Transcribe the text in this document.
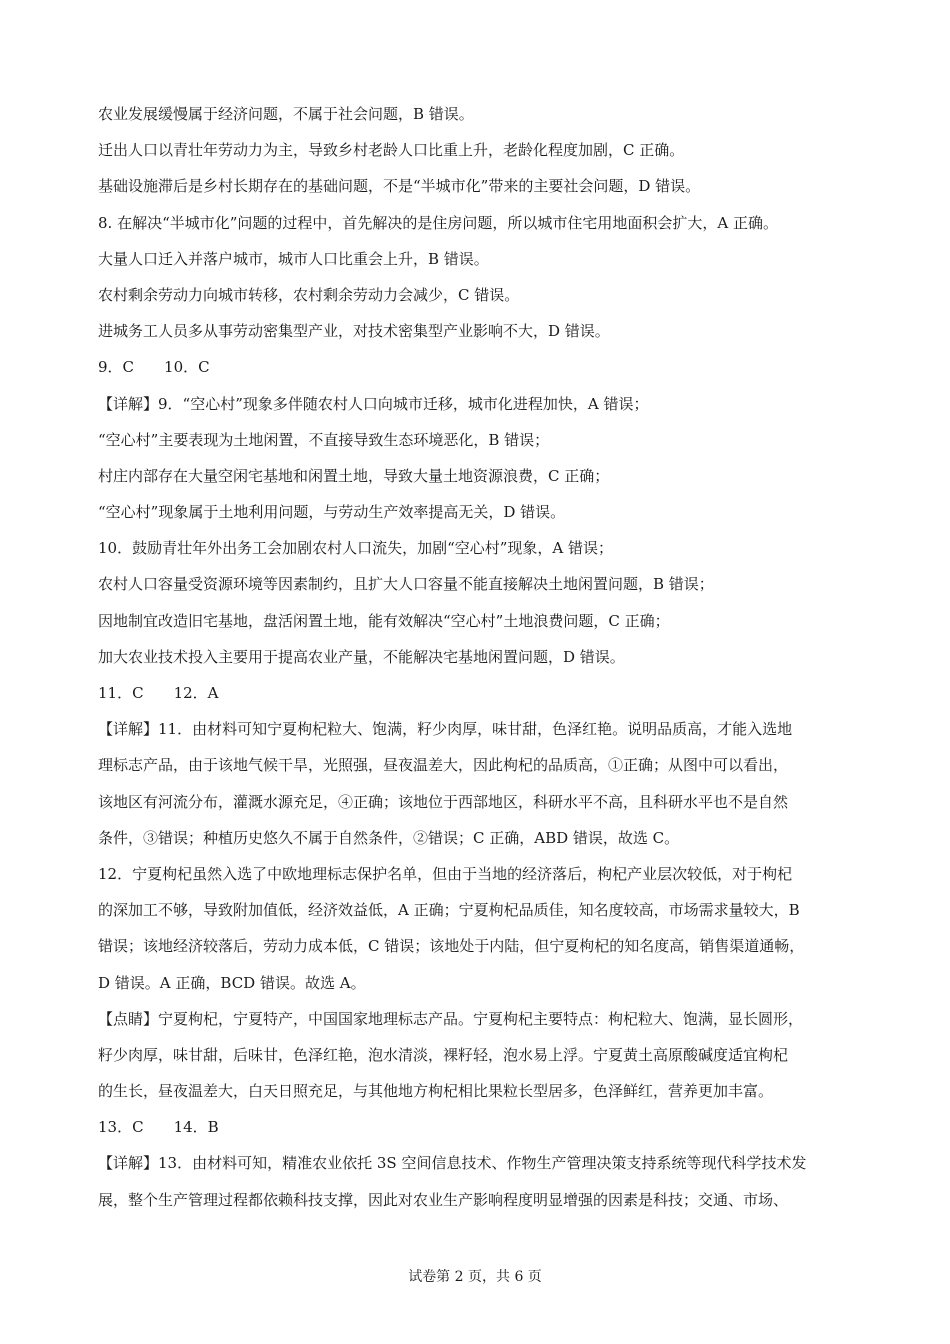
农业发展缓慢属于经济问题，不属于社会问题，B 错误。
迁出人口以青壮年劳动力为主，导致乡村老龄人口比重上升，老龄化程度加剧，C 正确。
基础设施滞后是乡村长期存在的基础问题，不是“半城市化”带来的主要社会问题，D 错误。
8. 在解决“半城市化”问题的过程中，首先解决的是住房问题，所以城市住宅用地面积会扩大，A 正确。
大量人口迁入并落户城市，城市人口比重会上升，B 错误。
农村剩余劳动力向城市转移，农村剩余劳动力会减少，C 错误。
进城务工人员多从事劳动密集型产业，对技术密集型产业影响不大，D 错误。
9．C　　10．C
【详解】9．“空心村”现象多伴随农村人口向城市迁移，城市化进程加快，A 错误；
“空心村”主要表现为土地闲置，不直接导致生态环境恶化，B 错误；
村庄内部存在大量空闲宅基地和闲置土地，导致大量土地资源浪费，C 正确；
“空心村”现象属于土地利用问题，与劳动生产效率提高无关，D 错误。
10．鼓励青壮年外出务工会加剧农村人口流失，加剧“空心村”现象，A 错误；
农村人口容量受资源环境等因素制约，且扩大人口容量不能直接解决土地闲置问题，B 错误；
因地制宜改造旧宅基地，盘活闲置土地，能有效解决“空心村”土地浪费问题，C 正确；
加大农业技术投入主要用于提高农业产量，不能解决宅基地闲置问题，D 错误。
11．C　　12．A
【详解】11．由材料可知宁夏枸杞粒大、饱满，籽少肉厚，味甘甜，色泽红艳。说明品质高，才能入选地
理标志产品，由于该地气候干旱，光照强，昼夜温差大，因此枸杞的品质高，①正确；从图中可以看出，
该地区有河流分布，灌溉水源充足，④正确；该地位于西部地区，科研水平不高，且科研水平也不是自然
条件，③错误；种植历史悠久不属于自然条件，②错误；C 正确，ABD 错误，故选 C。
12．宁夏枸杞虽然入选了中欧地理标志保护名单，但由于当地的经济落后，枸杞产业层次较低，对于枸杞
的深加工不够，导致附加值低，经济效益低，A 正确；宁夏枸杞品质佳，知名度较高，市场需求量较大，B
错误；该地经济较落后，劳动力成本低，C 错误；该地处于内陆，但宁夏枸杞的知名度高，销售渠道通畅，
D 错误。A 正确，BCD 错误。故选 A。
【点睛】宁夏枸杞，宁夏特产，中国国家地理标志产品。宁夏枸杞主要特点：枸杞粒大、饱满，显长圆形，
籽少肉厚，味甘甜，后味甘，色泽红艳，泡水清淡，裸籽轻，泡水易上浮。宁夏黄土高原酸碱度适宜枸杞
的生长，昼夜温差大，白天日照充足，与其他地方枸杞相比果粒长型居多，色泽鲜红，营养更加丰富。
13．C　　14．B
【详解】13．由材料可知，精准农业依托 3S 空间信息技术、作物生产管理决策支持系统等现代科学技术发
展，整个生产管理过程都依赖科技支撑，因此对农业生产影响程度明显增强的因素是科技；交通、市场、
试卷第 2 页，共 6 页
